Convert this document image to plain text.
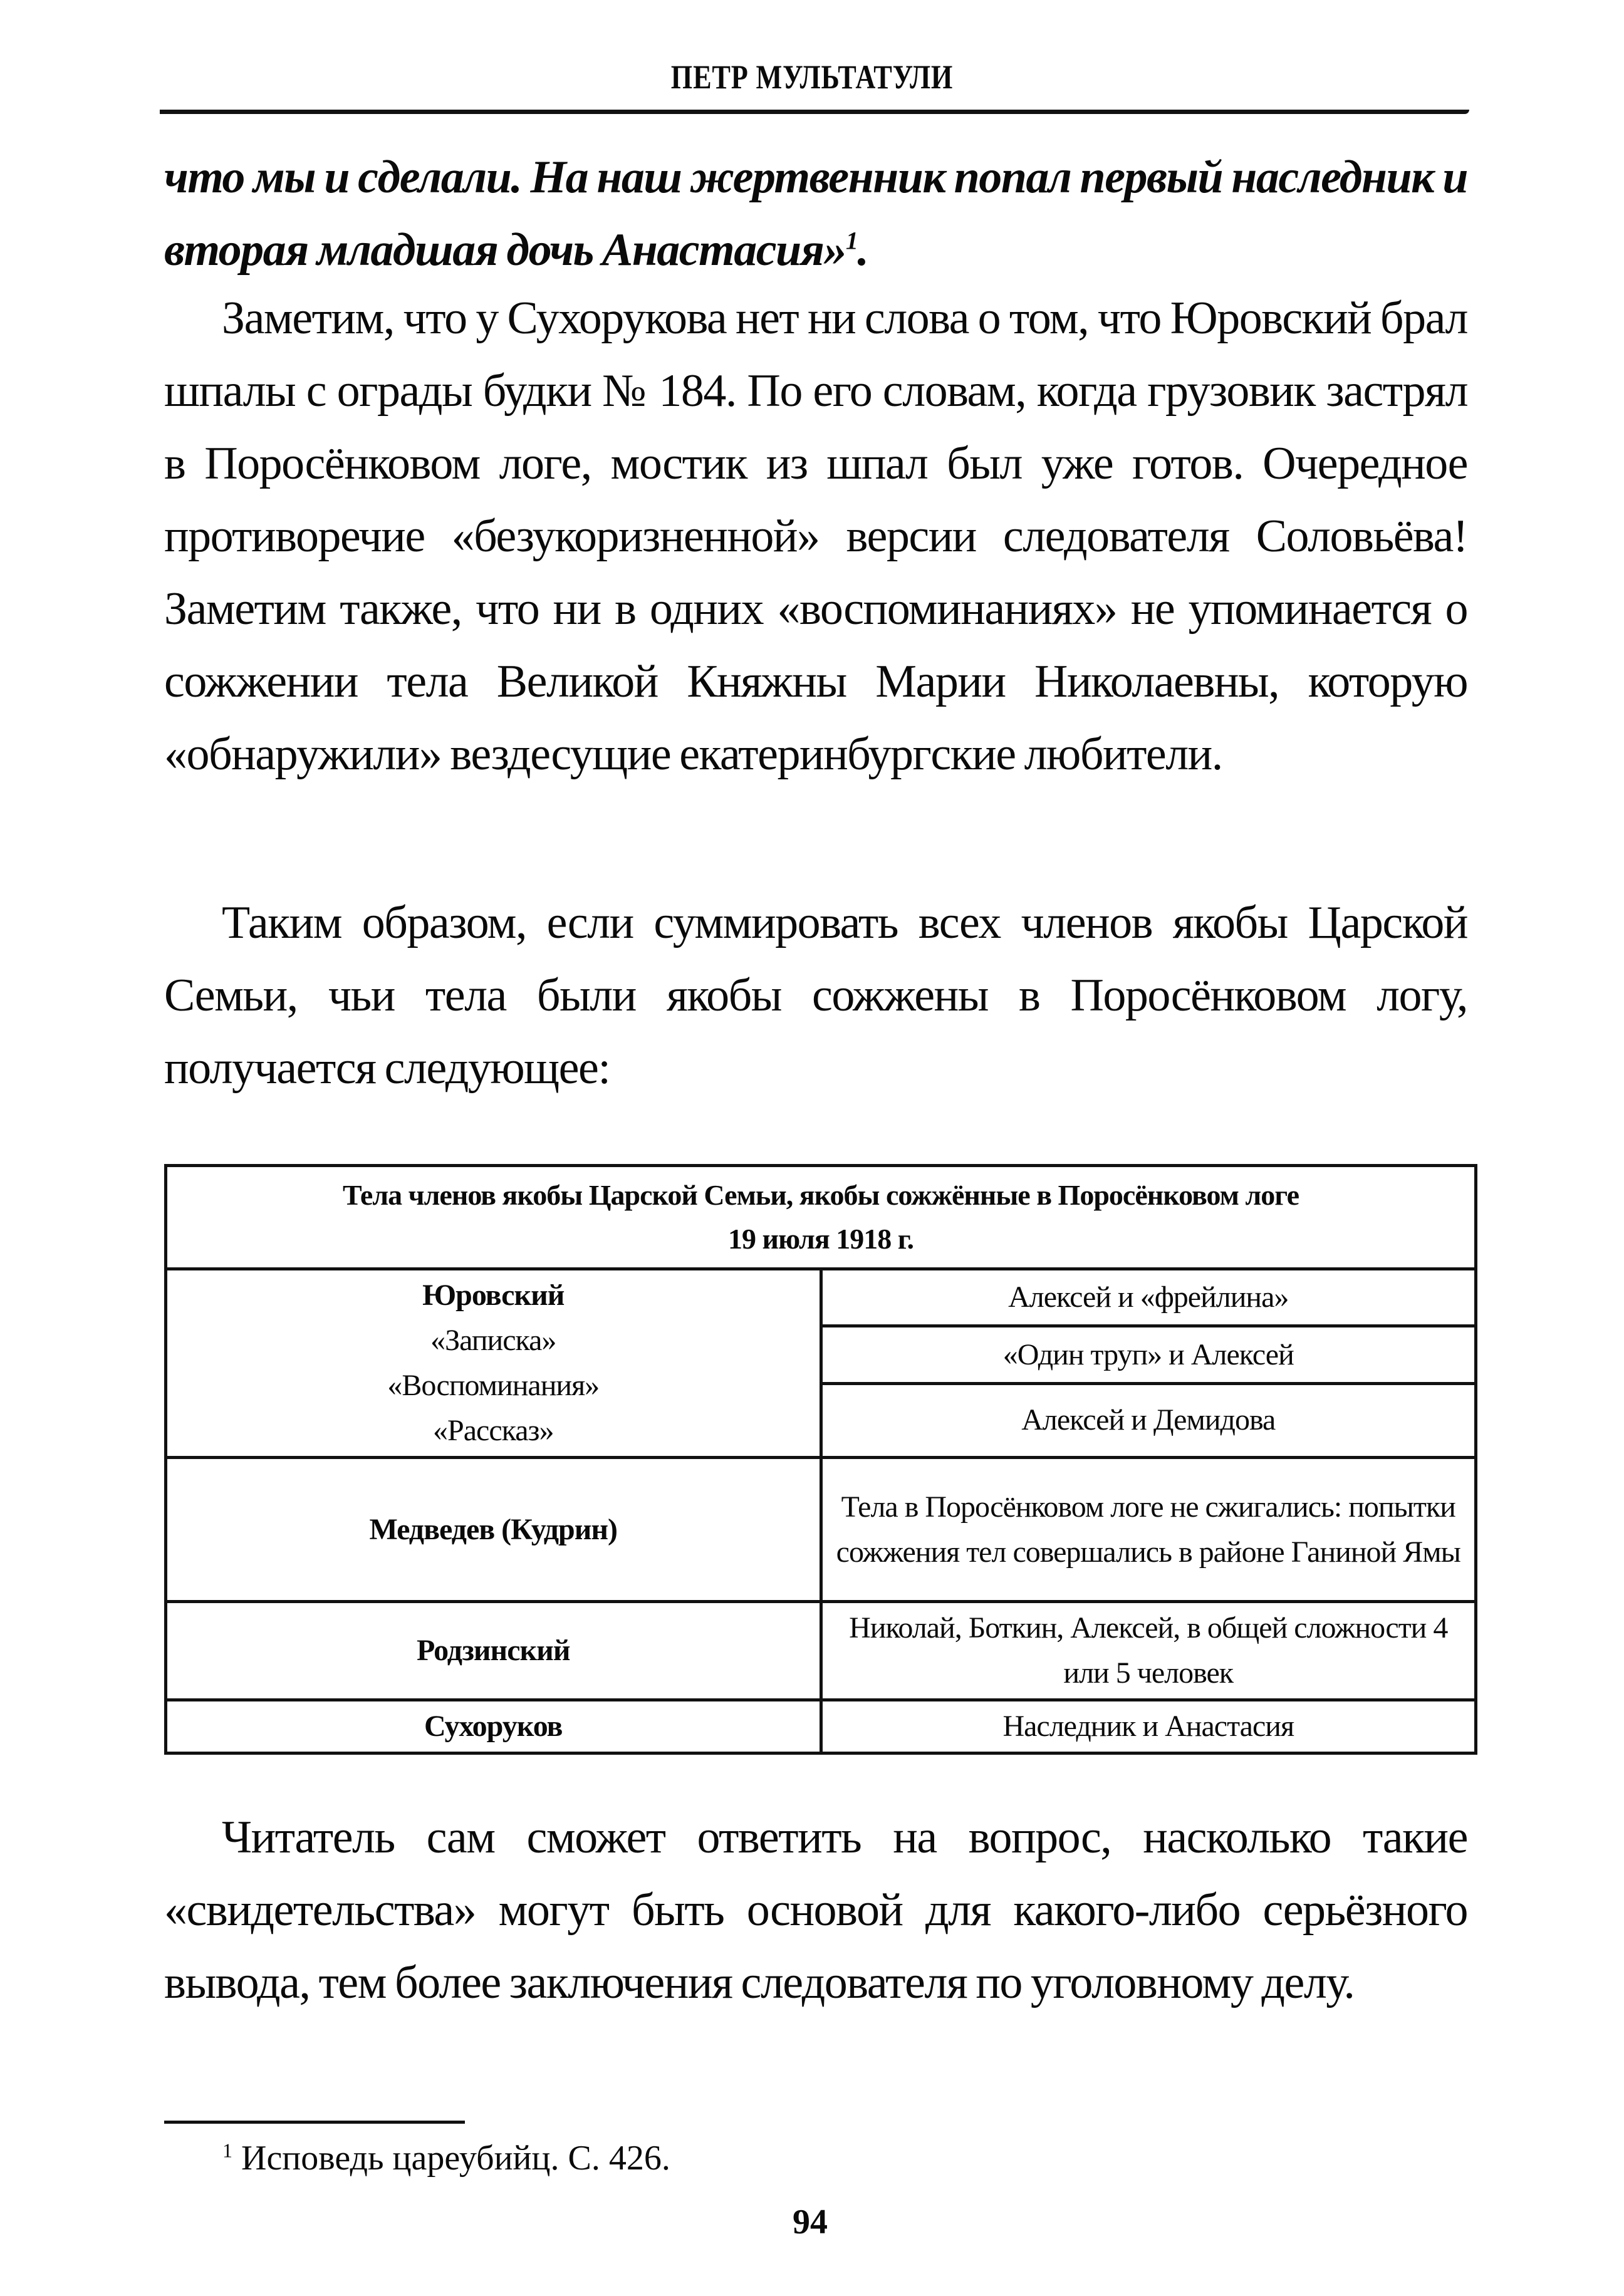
ПЕТР МУЛЬТАТУЛИ

что мы и сделали. На наш жертвенник попал первый наследник и вторая младшая дочь Анастасия»$^1$.

Заметим, что у Сухорукова нет ни слова о том, что Юровский брал шпалы с ограды будки № 184. По его словам, когда грузовик застрял в Поросёнковом логе, мостик из шпал был уже готов. Очередное противоречие «безукоризненной» версии следователя Соловьёва! Заметим также, что ни в одних «воспоминаниях» не упоминается о сожжении тела Великой Княжны Марии Николаевны, которую «обнаружили» вездесущие екатеринбургские любители.

Таким образом, если суммировать всех членов якобы Царской Семьи, чьи тела были якобы сожжены в Поросёнковом логу, получается следующее:

Тела членов якобы Царской Семьи, якобы сожжённые в Поросёнковом логе
19 июля 1918 г.	

Юровский
«Записка»
«Воспоминания»
«Рассказ»	Алексей и «фрейлина»
	«Один труп» и Алексей
	Алексей и Демидова
Медведев (Кудрин)	Тела в Поросёнковом логе не сжигались: попытки сожжения тел совершались в районе Ганиной Ямы
Родзинский	Николай, Боткин, Алексей, в общей сложности 4 или 5 человек
Сухоруков	Наследник и Анастасия

Читатель сам сможет ответить на вопрос, насколько такие «свидетельства» могут быть основой для какого-либо серьёзного вывода, тем более заключения следователя по уголовному делу.

$^1$ Исповедь цареубийц. С. 426.
94
